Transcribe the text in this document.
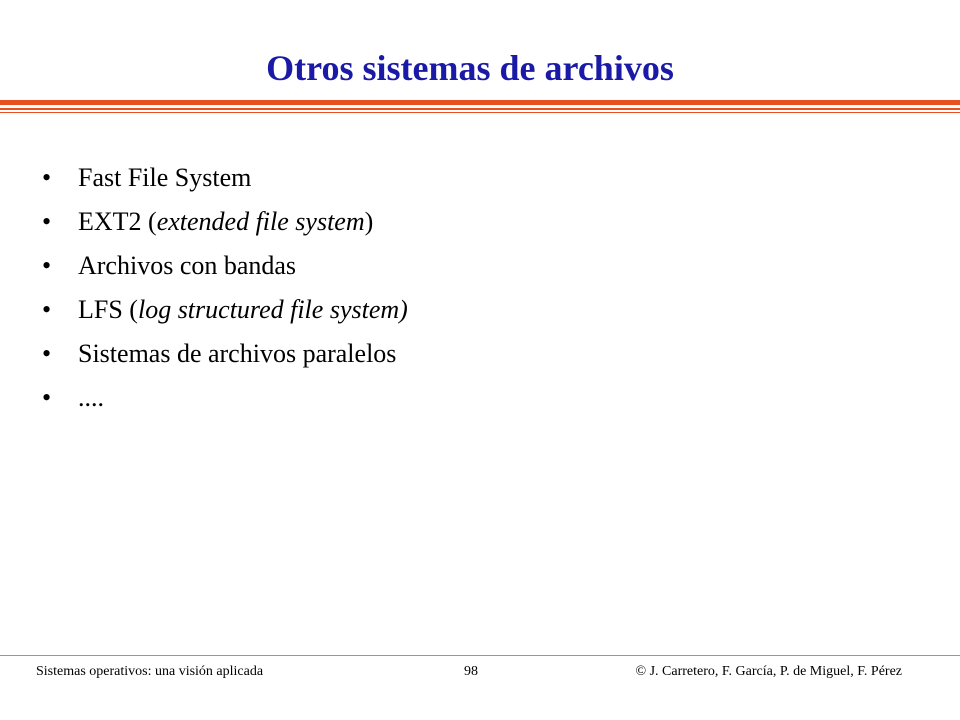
Otros sistemas de archivos
• Fast File System
• EXT2 (extended file system)
• Archivos con bandas
• LFS (log structured file system)
• Sistemas de archivos paralelos
• ....
Sistemas operativos: una visión aplicada	98	© J. Carretero, F. García, P. de Miguel, F. Pérez
